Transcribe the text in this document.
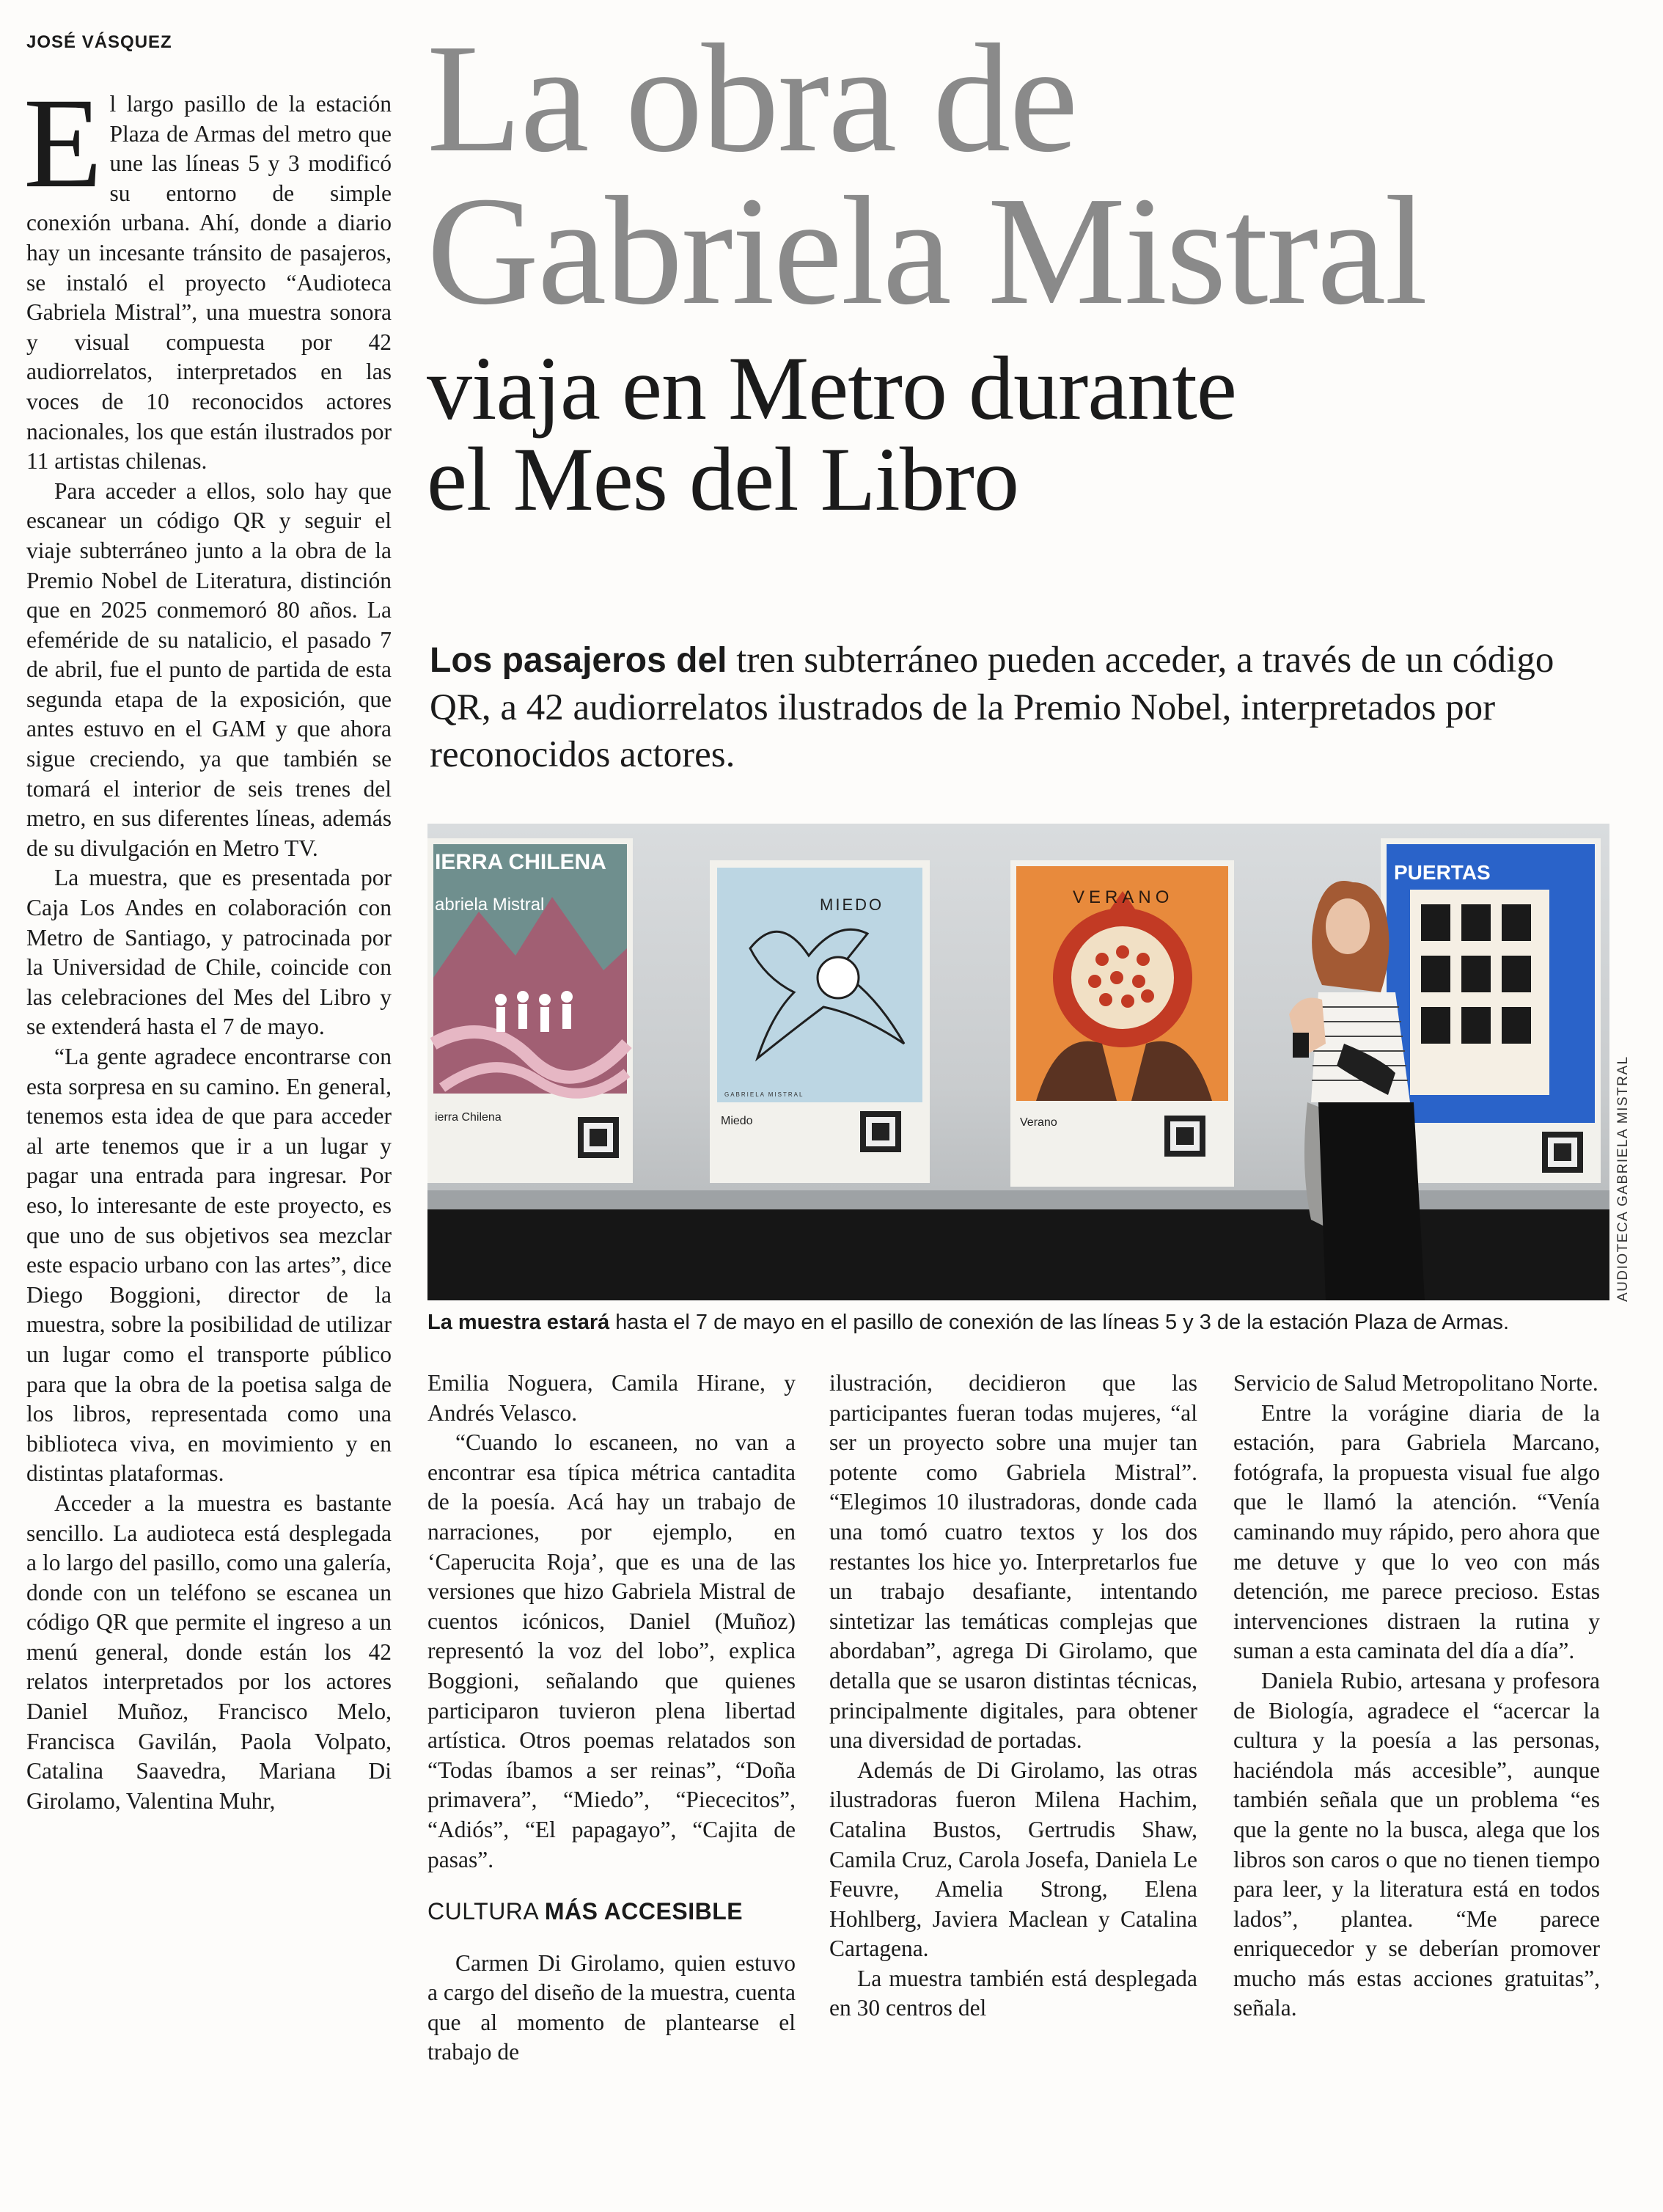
JOSÉ VÁSQUEZ La obra de
Gabriela Mistral
viaja en Metro durante
el Mes del Libro
Los pasajeros del tren subterráneo pueden acceder, a través de un código QR, a 42 audiorrelatos ilustrados de la Premio Nobel, interpretados por reconocidos actores.
IERRA CHILENA
abriela Mistral
ierra Chilena
MIEDO
GABRIELA MISTRAL
Miedo
VERANO
Verano
PUERTAS
AUDIOTECA GABRIELA MISTRAL
La muestra estará hasta el 7 de mayo en el pasillo de conexión de las líneas 5 y 3 de la estación Plaza de Armas.

El largo pasillo de la estación Plaza de Armas del metro que une las líneas 5 y 3 modificó su entorno de simple conexión urbana. Ahí, donde a diario hay un incesante tránsito de pasajeros, se instaló el proyecto “Audioteca Gabriela Mistral”, una muestra sonora y visual compuesta por 42 audiorrelatos, interpretados en las voces de 10 reconocidos actores nacionales, los que están ilustrados por 11 artistas chilenas.

Para acceder a ellos, solo hay que escanear un código QR y seguir el viaje subterráneo junto a la obra de la Premio Nobel de Literatura, distinción que en 2025 conmemoró 80 años. La efeméride de su natalicio, el pasado 7 de abril, fue el punto de partida de esta segunda etapa de la exposición, que antes estuvo en el GAM y que ahora sigue creciendo, ya que también se tomará el interior de seis trenes del metro, en sus diferentes líneas, además de su divulgación en Metro TV.

La muestra, que es presentada por Caja Los Andes en colaboración con Metro de Santiago, y patrocinada por la Universidad de Chile, coincide con las celebraciones del Mes del Libro y se extenderá hasta el 7 de mayo.

“La gente agradece encontrarse con esta sorpresa en su camino. En general, tenemos esta idea de que para acceder al arte tenemos que ir a un lugar y pagar una entrada para ingresar. Por eso, lo interesante de este proyecto, es que uno de sus objetivos sea mezclar este espacio urbano con las artes”, dice Diego Boggioni, director de la muestra, sobre la posibilidad de utilizar un lugar como el transporte público para que la obra de la poetisa salga de los libros, representada como una biblioteca viva, en movimiento y en distintas plataformas.

Acceder a la muestra es bastante sencillo. La audioteca está desplegada a lo largo del pasillo, como una galería, donde con un teléfono se escanea un código QR que permite el ingreso a un menú general, donde están los 42 relatos interpretados por los actores Daniel Muñoz, Francisco Melo, Francisca Gavilán, Paola Volpato, Catalina Saavedra, Mariana Di Girolamo, Valentina Muhr,

Emilia Noguera, Camila Hirane, y Andrés Velasco.

“Cuando lo escaneen, no van a encontrar esa típica métrica cantadita de la poesía. Acá hay un trabajo de narraciones, por ejemplo, en ‘Caperucita Roja’, que es una de las versiones que hizo Gabriela Mistral de cuentos icónicos, Daniel (Muñoz) representó la voz del lobo”, explica Boggioni, señalando que quienes participaron tuvieron plena libertad artística. Otros poemas relatados son “Todas íbamos a ser reinas”, “Doña primavera”, “Miedo”, “Piececitos”, “Adiós”, “El papagayo”, “Cajita de pasas”.

CULTURA MÁS ACCESIBLE

Carmen Di Girolamo, quien estuvo a cargo del diseño de la muestra, cuenta que al momento de plantearse el trabajo de

ilustración, decidieron que las participantes fueran todas mujeres, “al ser un proyecto sobre una mujer tan potente como Gabriela Mistral”. “Elegimos 10 ilustradoras, donde cada una tomó cuatro textos y los dos restantes los hice yo. Interpretarlos fue un trabajo desafiante, intentando sintetizar las temáticas complejas que abordaban”, agrega Di Girolamo, que detalla que se usaron distintas técnicas, principalmente digitales, para obtener una diversidad de portadas.

Además de Di Girolamo, las otras ilustradoras fueron Milena Hachim, Catalina Bustos, Gertrudis Shaw, Camila Cruz, Carola Josefa, Daniela Le Feuvre, Amelia Strong, Elena Hohlberg, Javiera Maclean y Catalina Cartagena.

La muestra también está desplegada en 30 centros del

Servicio de Salud Metropolitano Norte.

Entre la vorágine diaria de la estación, para Gabriela Marcano, fotógrafa, la propuesta visual fue algo que le llamó la atención. “Venía caminando muy rápido, pero ahora que me detuve y que lo veo con más detención, me parece precioso. Estas intervenciones distraen la rutina y suman a esta caminata del día a día”.

Daniela Rubio, artesana y profesora de Biología, agradece el “acercar la cultura y la poesía a las personas, haciéndola más accesible”, aunque también señala que un problema “es que la gente no la busca, alega que los libros son caros o que no tienen tiempo para leer, y la literatura está en todos lados”, plantea. “Me parece enriquecedor y se deberían promover mucho más estas acciones gratuitas”, señala.
